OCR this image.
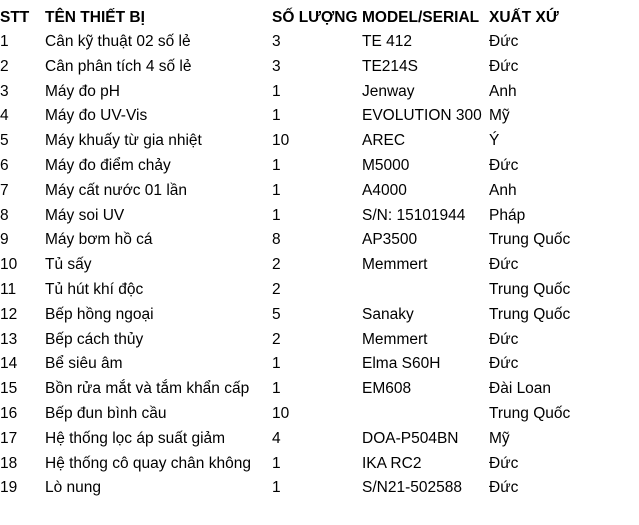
STT	TÊN THIẾT BỊ	SỐ LƯỢNG	MODEL/SERIAL	XUẤT XỨ
1	Cân kỹ thuật 02 số lẻ	3	TE 412	Đức
2	Cân phân tích 4 số lẻ	3	TE214S	Đức
3	Máy đo pH	1	Jenway	Anh
4	Máy đo UV-Vis	1	EVOLUTION 300	Mỹ
5	Máy khuấy từ gia nhiệt	10	AREC	Ý
6	Máy đo điểm chảy	1	M5000	Đức
7	Máy cất nước 01 lần	1	A4000	Anh
8	Máy soi UV	1	S/N: 15101944	Pháp
9	Máy bơm hồ cá	8	AP3500	Trung Quốc
10	Tủ sấy	2	Memmert	Đức
11	Tủ hút khí độc	2		Trung Quốc
12	Bếp hồng ngoại	5	Sanaky	Trung Quốc
13	Bếp cách thủy	2	Memmert	Đức
14	Bể siêu âm	1	Elma S60H	Đức
15	Bồn rửa mắt và tắm khẩn cấp	1	EM608	Đài Loan
16	Bếp đun bình cầu	10		Trung Quốc
17	Hệ thống lọc áp suất giảm	4	DOA-P504BN	Mỹ
18	Hệ thống cô quay chân không	1	IKA RC2	Đức
19	Lò nung	1	S/N21-502588	Đức
